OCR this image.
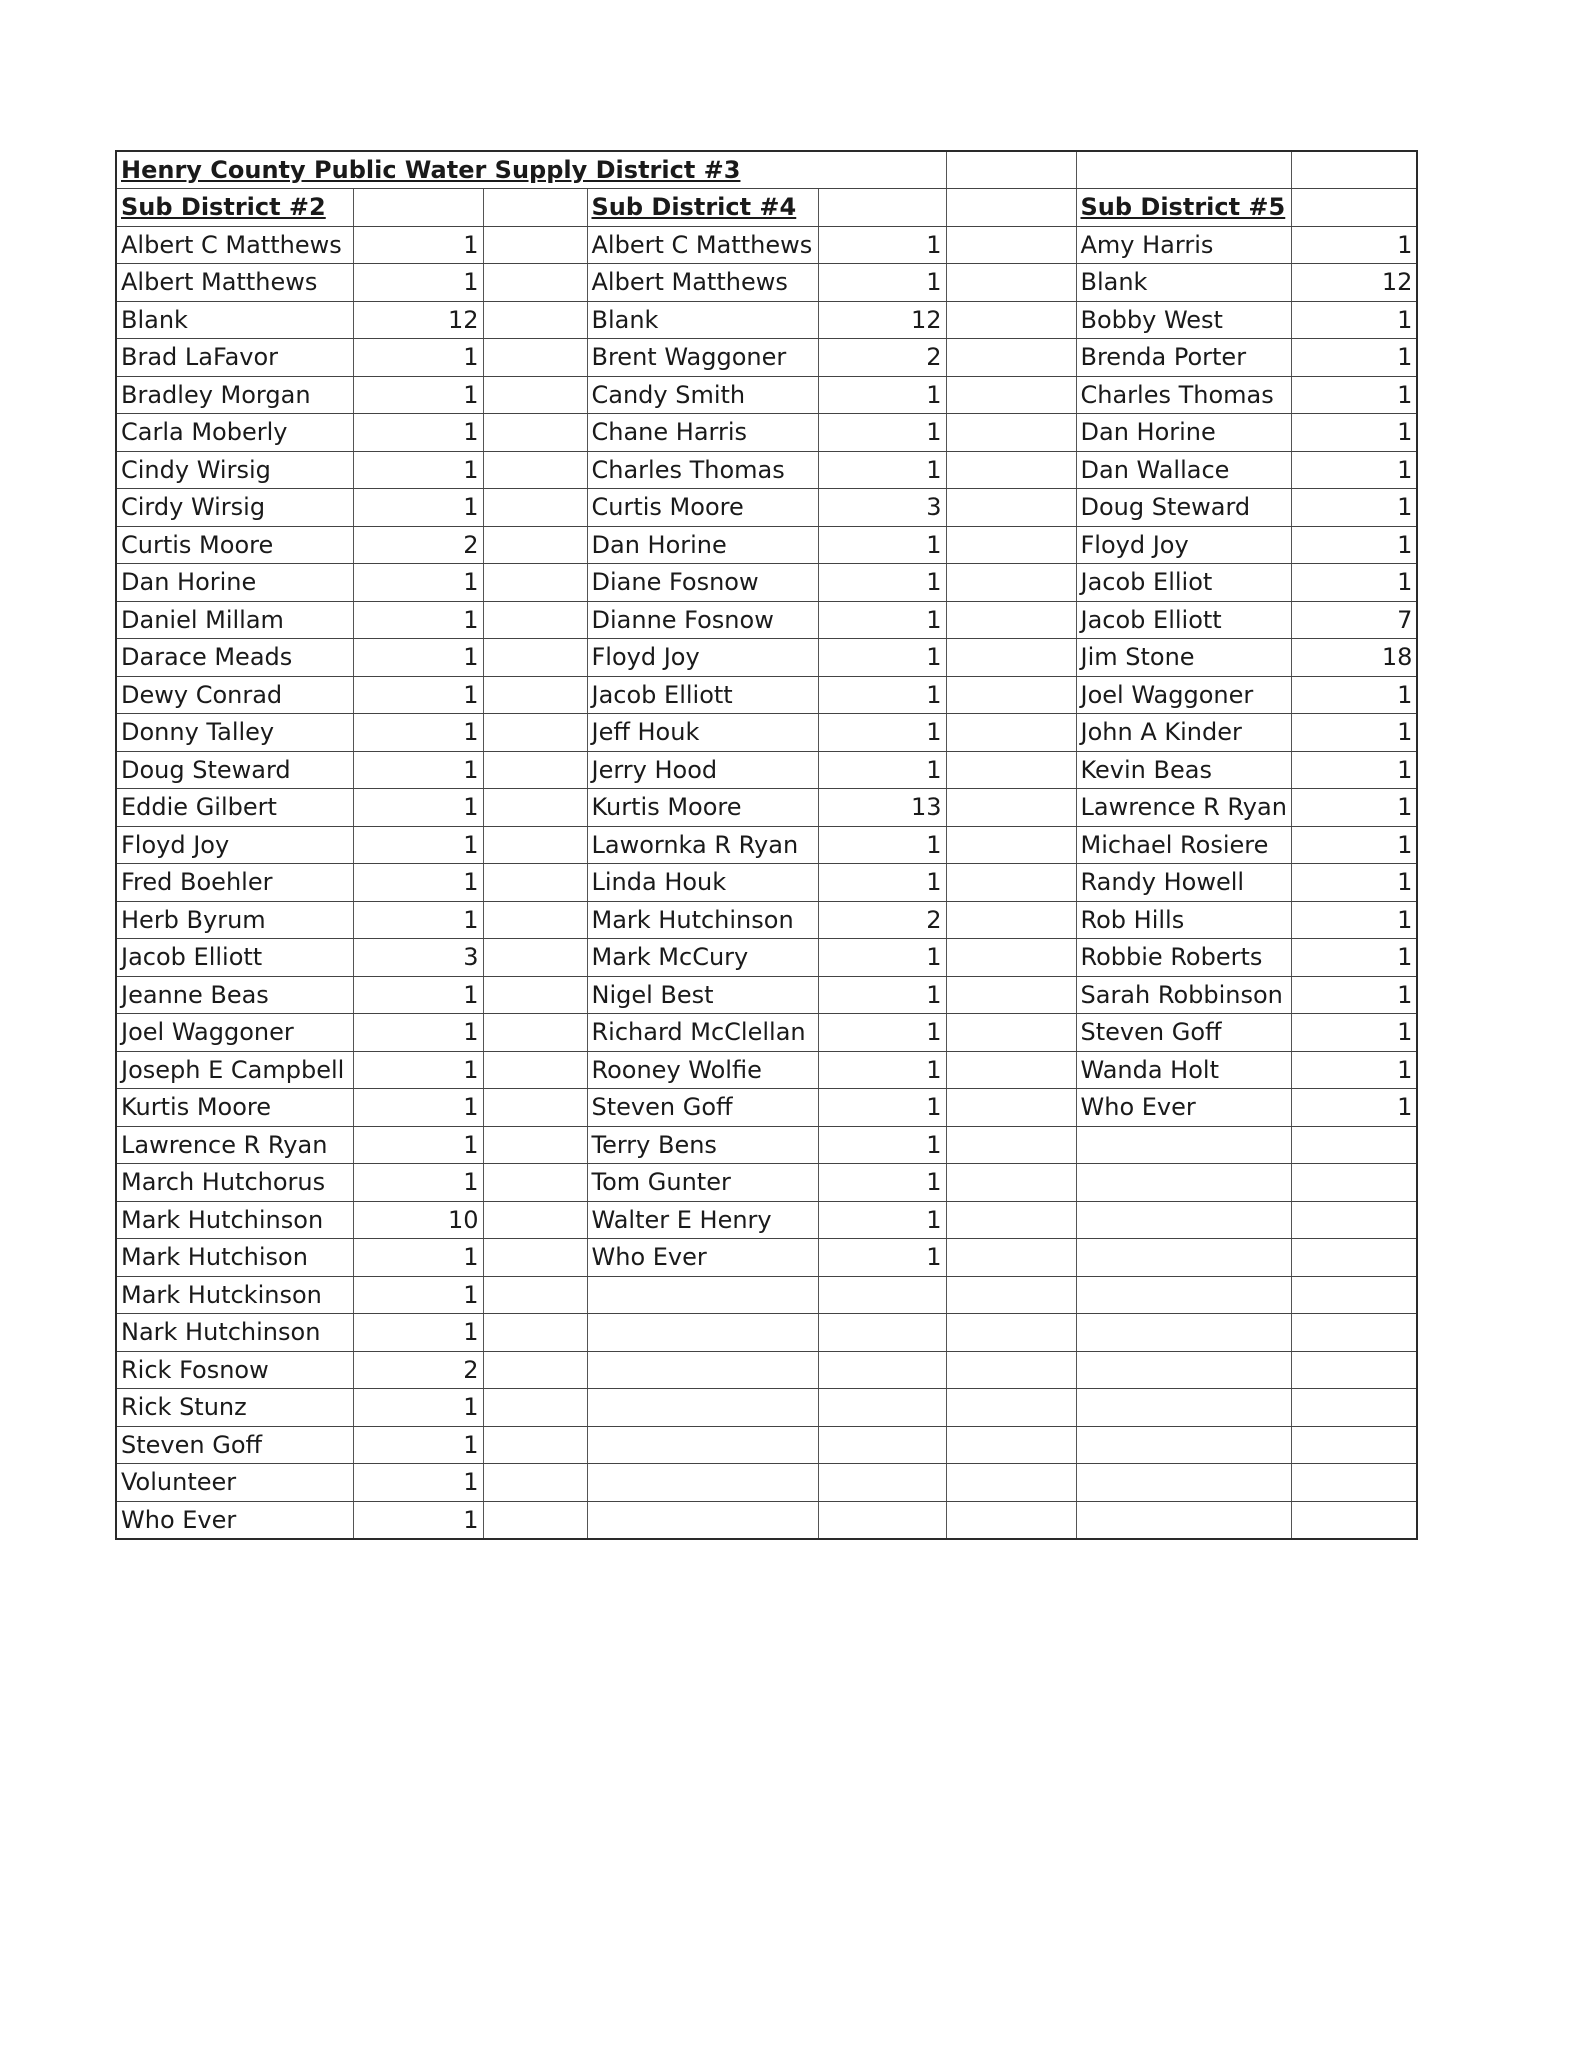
Henry County Public Water Supply District #3							
Sub District #2			Sub District #4			Sub District #5	
Albert C Matthews	1		Albert C Matthews	1		Amy Harris	1
Albert Matthews	1		Albert Matthews	1		Blank	12
Blank	12		Blank	12		Bobby West	1
Brad LaFavor	1		Brent Waggoner	2		Brenda Porter	1
Bradley Morgan	1		Candy Smith	1		Charles Thomas	1
Carla Moberly	1		Chane Harris	1		Dan Horine	1
Cindy Wirsig	1		Charles Thomas	1		Dan Wallace	1
Cirdy Wirsig	1		Curtis Moore	3		Doug Steward	1
Curtis Moore	2		Dan Horine	1		Floyd Joy	1
Dan Horine	1		Diane Fosnow	1		Jacob Elliot	1
Daniel Millam	1		Dianne Fosnow	1		Jacob Elliott	7
Darace Meads	1		Floyd Joy	1		Jim Stone	18
Dewy Conrad	1		Jacob Elliott	1		Joel Waggoner	1
Donny Talley	1		Jeff Houk	1		John A Kinder	1
Doug Steward	1		Jerry Hood	1		Kevin Beas	1
Eddie Gilbert	1		Kurtis Moore	13		Lawrence R Ryan	1
Floyd Joy	1		Lawornka R Ryan	1		Michael Rosiere	1
Fred Boehler	1		Linda Houk	1		Randy Howell	1
Herb Byrum	1		Mark Hutchinson	2		Rob Hills	1
Jacob Elliott	3		Mark McCury	1		Robbie Roberts	1
Jeanne Beas	1		Nigel Best	1		Sarah Robbinson	1
Joel Waggoner	1		Richard McClellan	1		Steven Goff	1
Joseph E Campbell	1		Rooney Wolfie	1		Wanda Holt	1
Kurtis Moore	1		Steven Goff	1		Who Ever	1
Lawrence R Ryan	1		Terry Bens	1			
March Hutchorus	1		Tom Gunter	1			
Mark Hutchinson	10		Walter E Henry	1			
Mark Hutchison	1		Who Ever	1			
Mark Hutckinson	1						
Nark Hutchinson	1						
Rick Fosnow	2						
Rick Stunz	1						
Steven Goff	1						
Volunteer	1						
Who Ever	1						
